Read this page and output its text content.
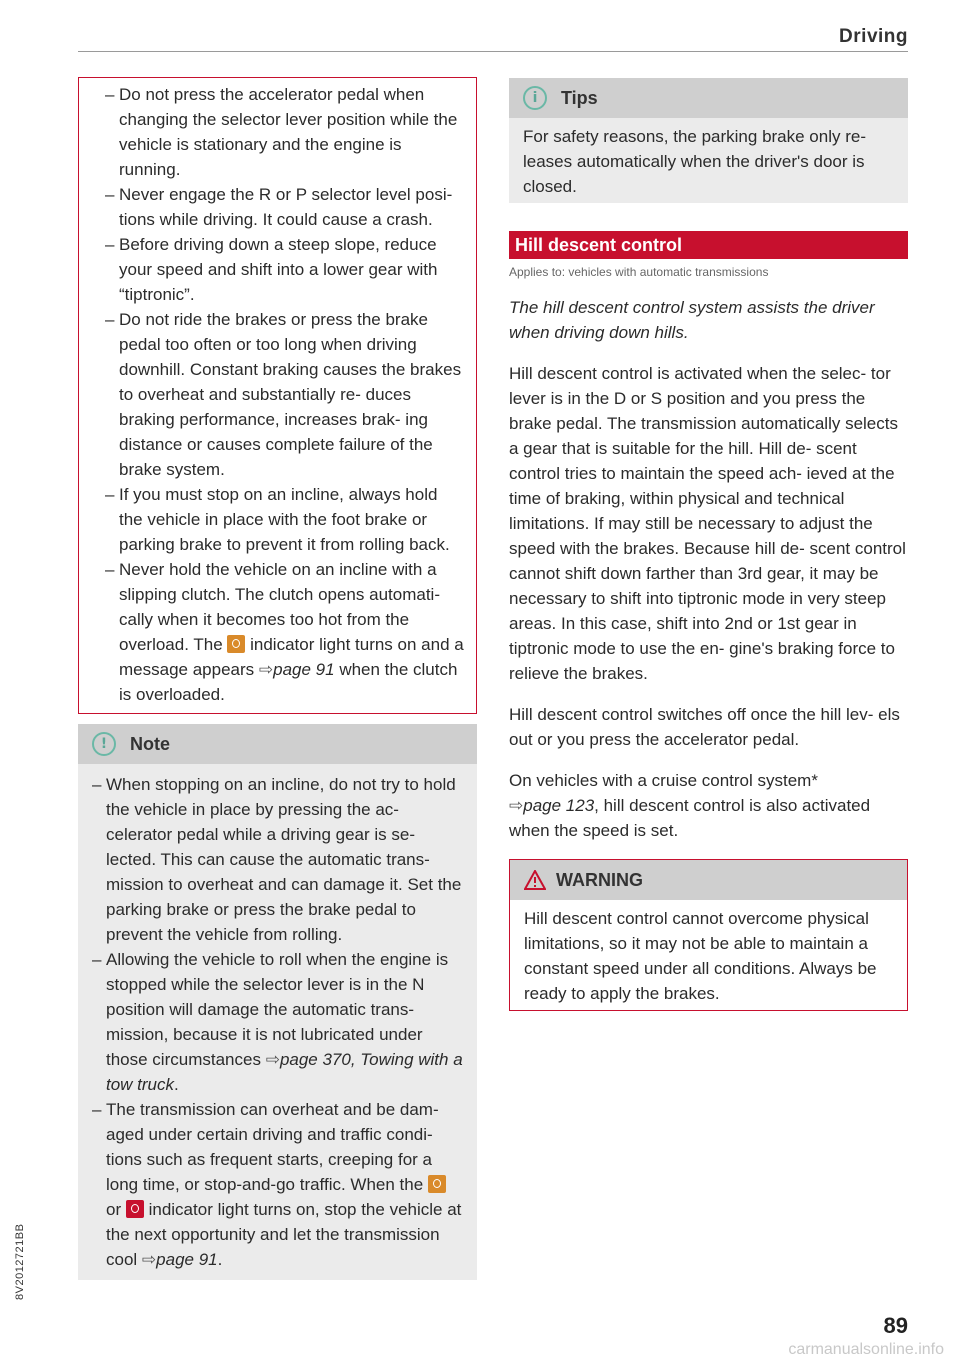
Driving
– Do not press the accelerator pedal when changing the selector lever position while the vehicle is stationary and the engine is running.
– Never engage the R or P selector level posi- tions while driving. It could cause a crash.
– Before driving down a steep slope, reduce your speed and shift into a lower gear with “tiptronic”.
– Do not ride the brakes or press the brake pedal too often or too long when driving downhill. Constant braking causes the brakes to overheat and substantially re- duces braking performance, increases brak- ing distance or causes complete failure of the brake system.
– If you must stop on an incline, always hold the vehicle in place with the foot brake or parking brake to prevent it from rolling back.
– Never hold the vehicle on an incline with a slipping clutch. The clutch opens automati- cally when it becomes too hot from the overload. The indicator light turns on and a message appears ⇨page 91 when the clutch is overloaded.
!	Note
– When stopping on an incline, do not try to hold the vehicle in place by pressing the ac- celerator pedal while a driving gear is se- lected. This can cause the automatic trans- mission to overheat and can damage it. Set the parking brake or press the brake pedal to prevent the vehicle from rolling.
– Allowing the vehicle to roll when the engine is stopped while the selector lever is in the N position will damage the automatic trans- mission, because it is not lubricated under those circumstances ⇨page 370, Towing with a tow truck.
– The transmission can overheat and be dam- aged under certain driving and traffic condi- tions such as frequent starts, creeping for a long time, or stop-and-go traffic. When the  or indicator light turns on, stop the vehicle at the next opportunity and let the transmission cool ⇨page 91.
i	Tips
For safety reasons, the parking brake only re- leases automatically when the driver's door is closed.
Hill descent control
Applies to: vehicles with automatic transmissions
The hill descent control system assists the driver when driving down hills.
Hill descent control is activated when the selec- tor lever is in the D or S position and you press the brake pedal. The transmission automatically selects a gear that is suitable for the hill. Hill de- scent control tries to maintain the speed ach- ieved at the time of braking, within physical and technical limitations. If may still be necessary to adjust the speed with the brakes. Because hill de- scent control cannot shift down farther than 3rd gear, it may be necessary to shift into tiptronic mode in very steep areas. In this case, shift into 2nd or 1st gear in tiptronic mode to use the en- gine's braking force to relieve the brakes.
Hill descent control switches off once the hill lev- els out or you press the accelerator pedal.
On vehicles with a cruise control system*
⇨page 123, hill descent control is also activated when the speed is set.
WARNING
Hill descent control cannot overcome physical limitations, so it may not be able to maintain a constant speed under all conditions. Always be ready to apply the brakes.
8V2012721BB
89
carmanualsonline.info
